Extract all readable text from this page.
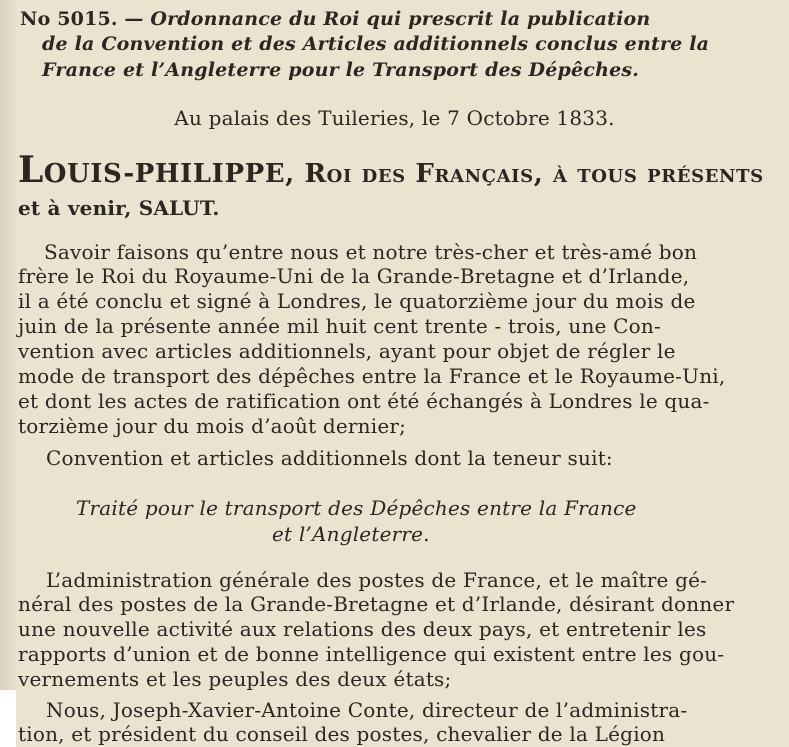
No 5015. — Ordonnance du Roi qui prescrit la publication
de la Convention et des Articles additionnels conclus entre la
France et l’Angleterre pour le Transport des Dépêches.
Au palais des Tuileries, le 7 Octobre 1833.
LOUIS-PHILIPPE, Roi des Français, à tous présents
et à venir, SALUT.
Savoir faisons qu’entre nous et notre très-cher et très-amé bon
frère le Roi du Royaume-Uni de la Grande-Bretagne et d’Irlande,
il a été conclu et signé à Londres, le quatorzième jour du mois de
juin de la présente année mil huit cent trente - trois, une Con-
vention avec articles additionnels, ayant pour objet de régler le
mode de transport des dépêches entre la France et le Royaume-Uni,
et dont les actes de ratification ont été échangés à Londres le qua-
torzième jour du mois d’août dernier;
Convention et articles additionnels dont la teneur suit:
Traité pour le transport des Dépêches entre la France
et l’Angleterre.
L’administration générale des postes de France, et le maître gé-
néral des postes de la Grande-Bretagne et d’Irlande, désirant donner
une nouvelle activité aux relations des deux pays, et entretenir les
rapports d’union et de bonne intelligence qui existent entre les gou-
vernements et les peuples des deux états;
Nous, Joseph-Xavier-Antoine Conte, directeur de l’administra-
tion, et président du conseil des postes, chevalier de la Légion
